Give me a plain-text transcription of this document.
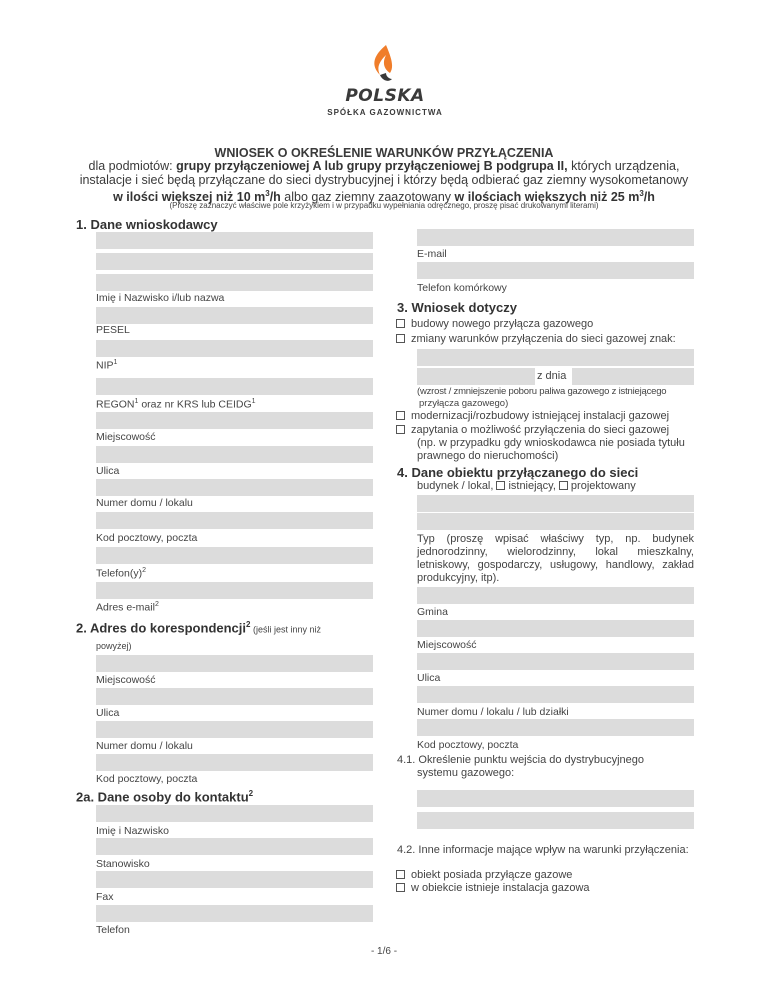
POLSKA
SPÓŁKA GAZOWNICTWA
WNIOSEK O OKREŚLENIE WARUNKÓW PRZYŁĄCZENIA
dla podmiotów: grupy przyłączeniowej A lub grupy przyłączeniowej B podgrupa II, których urządzenia,
instalacje i sieć będą przyłączane do sieci dystrybucyjnej i którzy będą odbierać gaz ziemny wysokometanowy
w ilości większej niż 10 $m^3/h$ albo gaz ziemny zaazotowany w ilościach większych niż 25 $m^3/h$
(Proszę zaznaczyć właściwe pole krzyżykiem i w przypadku wypełniania odręcznego, proszę pisać drukowanymi literami)
1. Dane wnioskodawcy
Imię i Nazwisko i/lub nazwa
PESEL
NIP$^1$
REGON$^1$ oraz nr KRS lub CEIDG$^1$
Miejscowość
Ulica
Numer domu / lokalu
Kod pocztowy, poczta
$Telefon(y)^2$
Adres e-mail$^2$
E-mail
Telefon komórkowy
3. Wniosek dotyczy
budowy nowego przyłącza gazowego
zmiany warunków przyłączenia do sieci gazowej znak:
z dnia
(wzrost / zmniejszenie poboru paliwa gazowego z istniejącego
przyłącza gazowego)
modernizacji/rozbudowy istniejącej instalacji gazowej
zapytania o możliwość przyłączenia do sieci gazowej
(np. w przypadku gdy wnioskodawca nie posiada tytułu
prawnego do nieruchomości)
4. Dane obiektu przyłączanego do sieci
budynek / lokal, istniejący, projektowany
Typ (proszę wpisać właściwy typ, np. budynek jednorodzinny, wielorodzinny, lokal mieszkalny, letniskowy, gospodarczy, usługowy, handlowy, zakład produkcyjny, itp).
Gmina
Miejscowość
Ulica
Numer domu / lokalu / lub działki
Kod pocztowy, poczta
4.1. Określenie punktu wejścia do dystrybucyjnego
systemu gazowego:
4.2. Inne informacje mające wpływ na warunki przyłączenia:
obiekt posiada przyłącze gazowe
w obiekcie istnieje instalacja gazowa
2. Adres do korespondencji$^2$ (jeśli jest inny niż
powyżej)
Miejscowość
Ulica
Numer domu / lokalu
Kod pocztowy, poczta
2a. Dane osoby do kontaktu$^2$
Imię i Nazwisko
Stanowisko
Fax
Telefon
- 1/6 -
